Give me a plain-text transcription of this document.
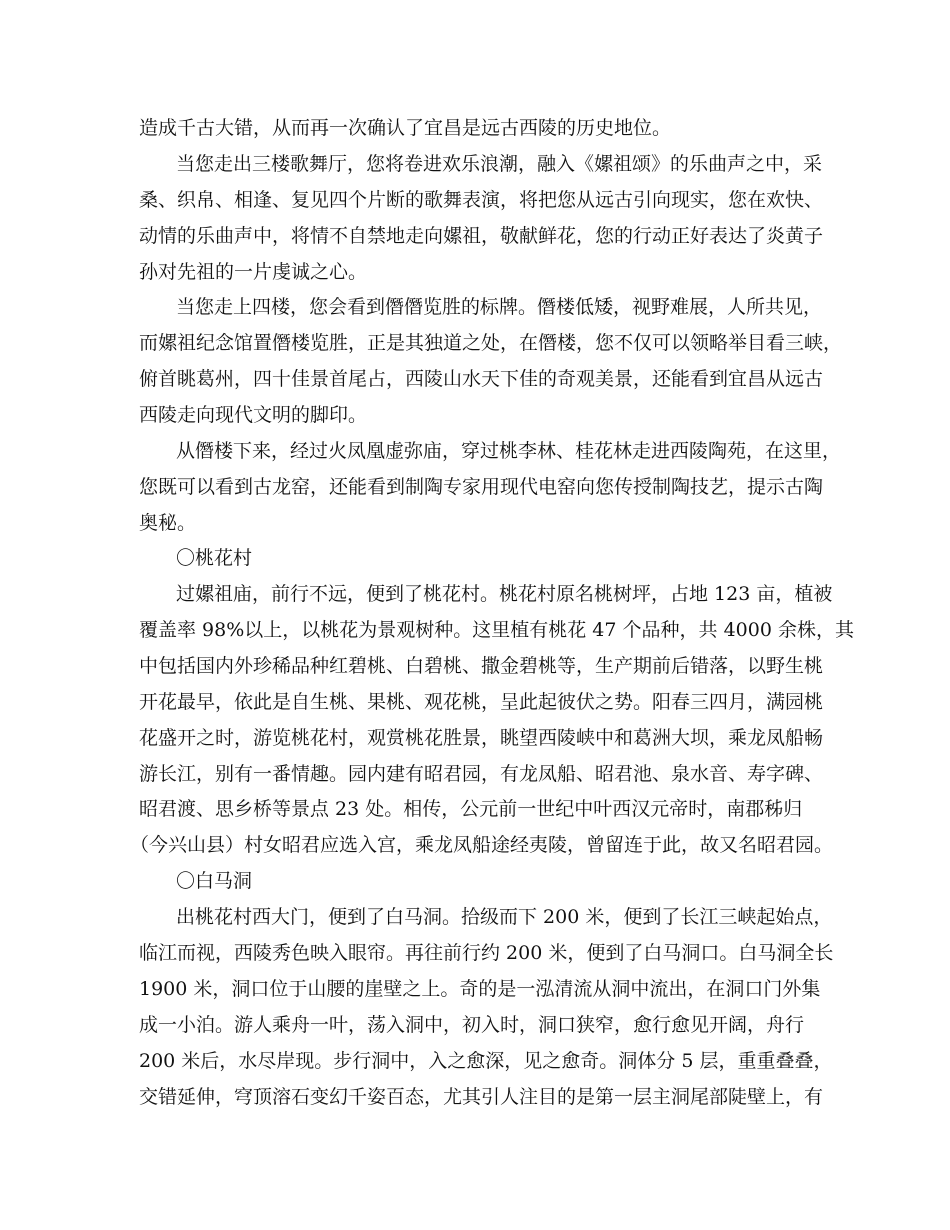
造成千古大错，从而再一次确认了宜昌是远古西陵的历史地位。
当您走出三楼歌舞厅，您将卷进欢乐浪潮，融入《嫘祖颂》的乐曲声之中，采
桑、织帛、相逢、复见四个片断的歌舞表演，将把您从远古引向现实，您在欢快、
动情的乐曲声中，将情不自禁地走向嫘祖，敬献鲜花，您的行动正好表达了炎黄子
孙对先祖的一片虔诚之心。
当您走上四楼，您会看到僭僭览胜的标牌。僭楼低矮，视野难展，人所共见，
而嫘祖纪念馆置僭楼览胜，正是其独道之处，在僭楼，您不仅可以领略举目看三峡，
俯首眺葛州，四十佳景首尾占，西陵山水天下佳的奇观美景，还能看到宜昌从远古
西陵走向现代文明的脚印。
从僭楼下来，经过火凤凰虚弥庙，穿过桃李林、桂花林走进西陵陶苑，在这里，
您既可以看到古龙窑，还能看到制陶专家用现代电窑向您传授制陶技艺，提示古陶
奥秘。
〇桃花村
过嫘祖庙，前行不远，便到了桃花村。桃花村原名桃树坪，占地 123 亩，植被
覆盖率 98%以上，以桃花为景观树种。这里植有桃花 47 个品种，共 4000 余株，其
中包括国内外珍稀品种红碧桃、白碧桃、撒金碧桃等，生产期前后错落，以野生桃
开花最早，依此是自生桃、果桃、观花桃，呈此起彼伏之势。阳春三四月，满园桃
花盛开之时，游览桃花村，观赏桃花胜景，眺望西陵峡中和葛洲大坝，乘龙凤船畅
游长江，别有一番情趣。园内建有昭君园，有龙凤船、昭君池、泉水音、寿字碑、
昭君渡、思乡桥等景点 23 处。相传，公元前一世纪中叶西汉元帝时，南郡秭归
（今兴山县）村女昭君应选入宫，乘龙凤船途经夷陵，曾留连于此，故又名昭君园。
〇白马洞
出桃花村西大门，便到了白马洞。拾级而下 200 米，便到了长江三峡起始点，
临江而视，西陵秀色映入眼帘。再往前行约 200 米，便到了白马洞口。白马洞全长
1900 米，洞口位于山腰的崖壁之上。奇的是一泓清流从洞中流出，在洞口门外集
成一小泊。游人乘舟一叶，荡入洞中，初入时，洞口狭窄，愈行愈见开阔，舟行
200 米后，水尽岸现。步行洞中，入之愈深，见之愈奇。洞体分 5 层，重重叠叠，
交错延伸，穹顶溶石变幻千姿百态，尤其引人注目的是第一层主洞尾部陡壁上，有
